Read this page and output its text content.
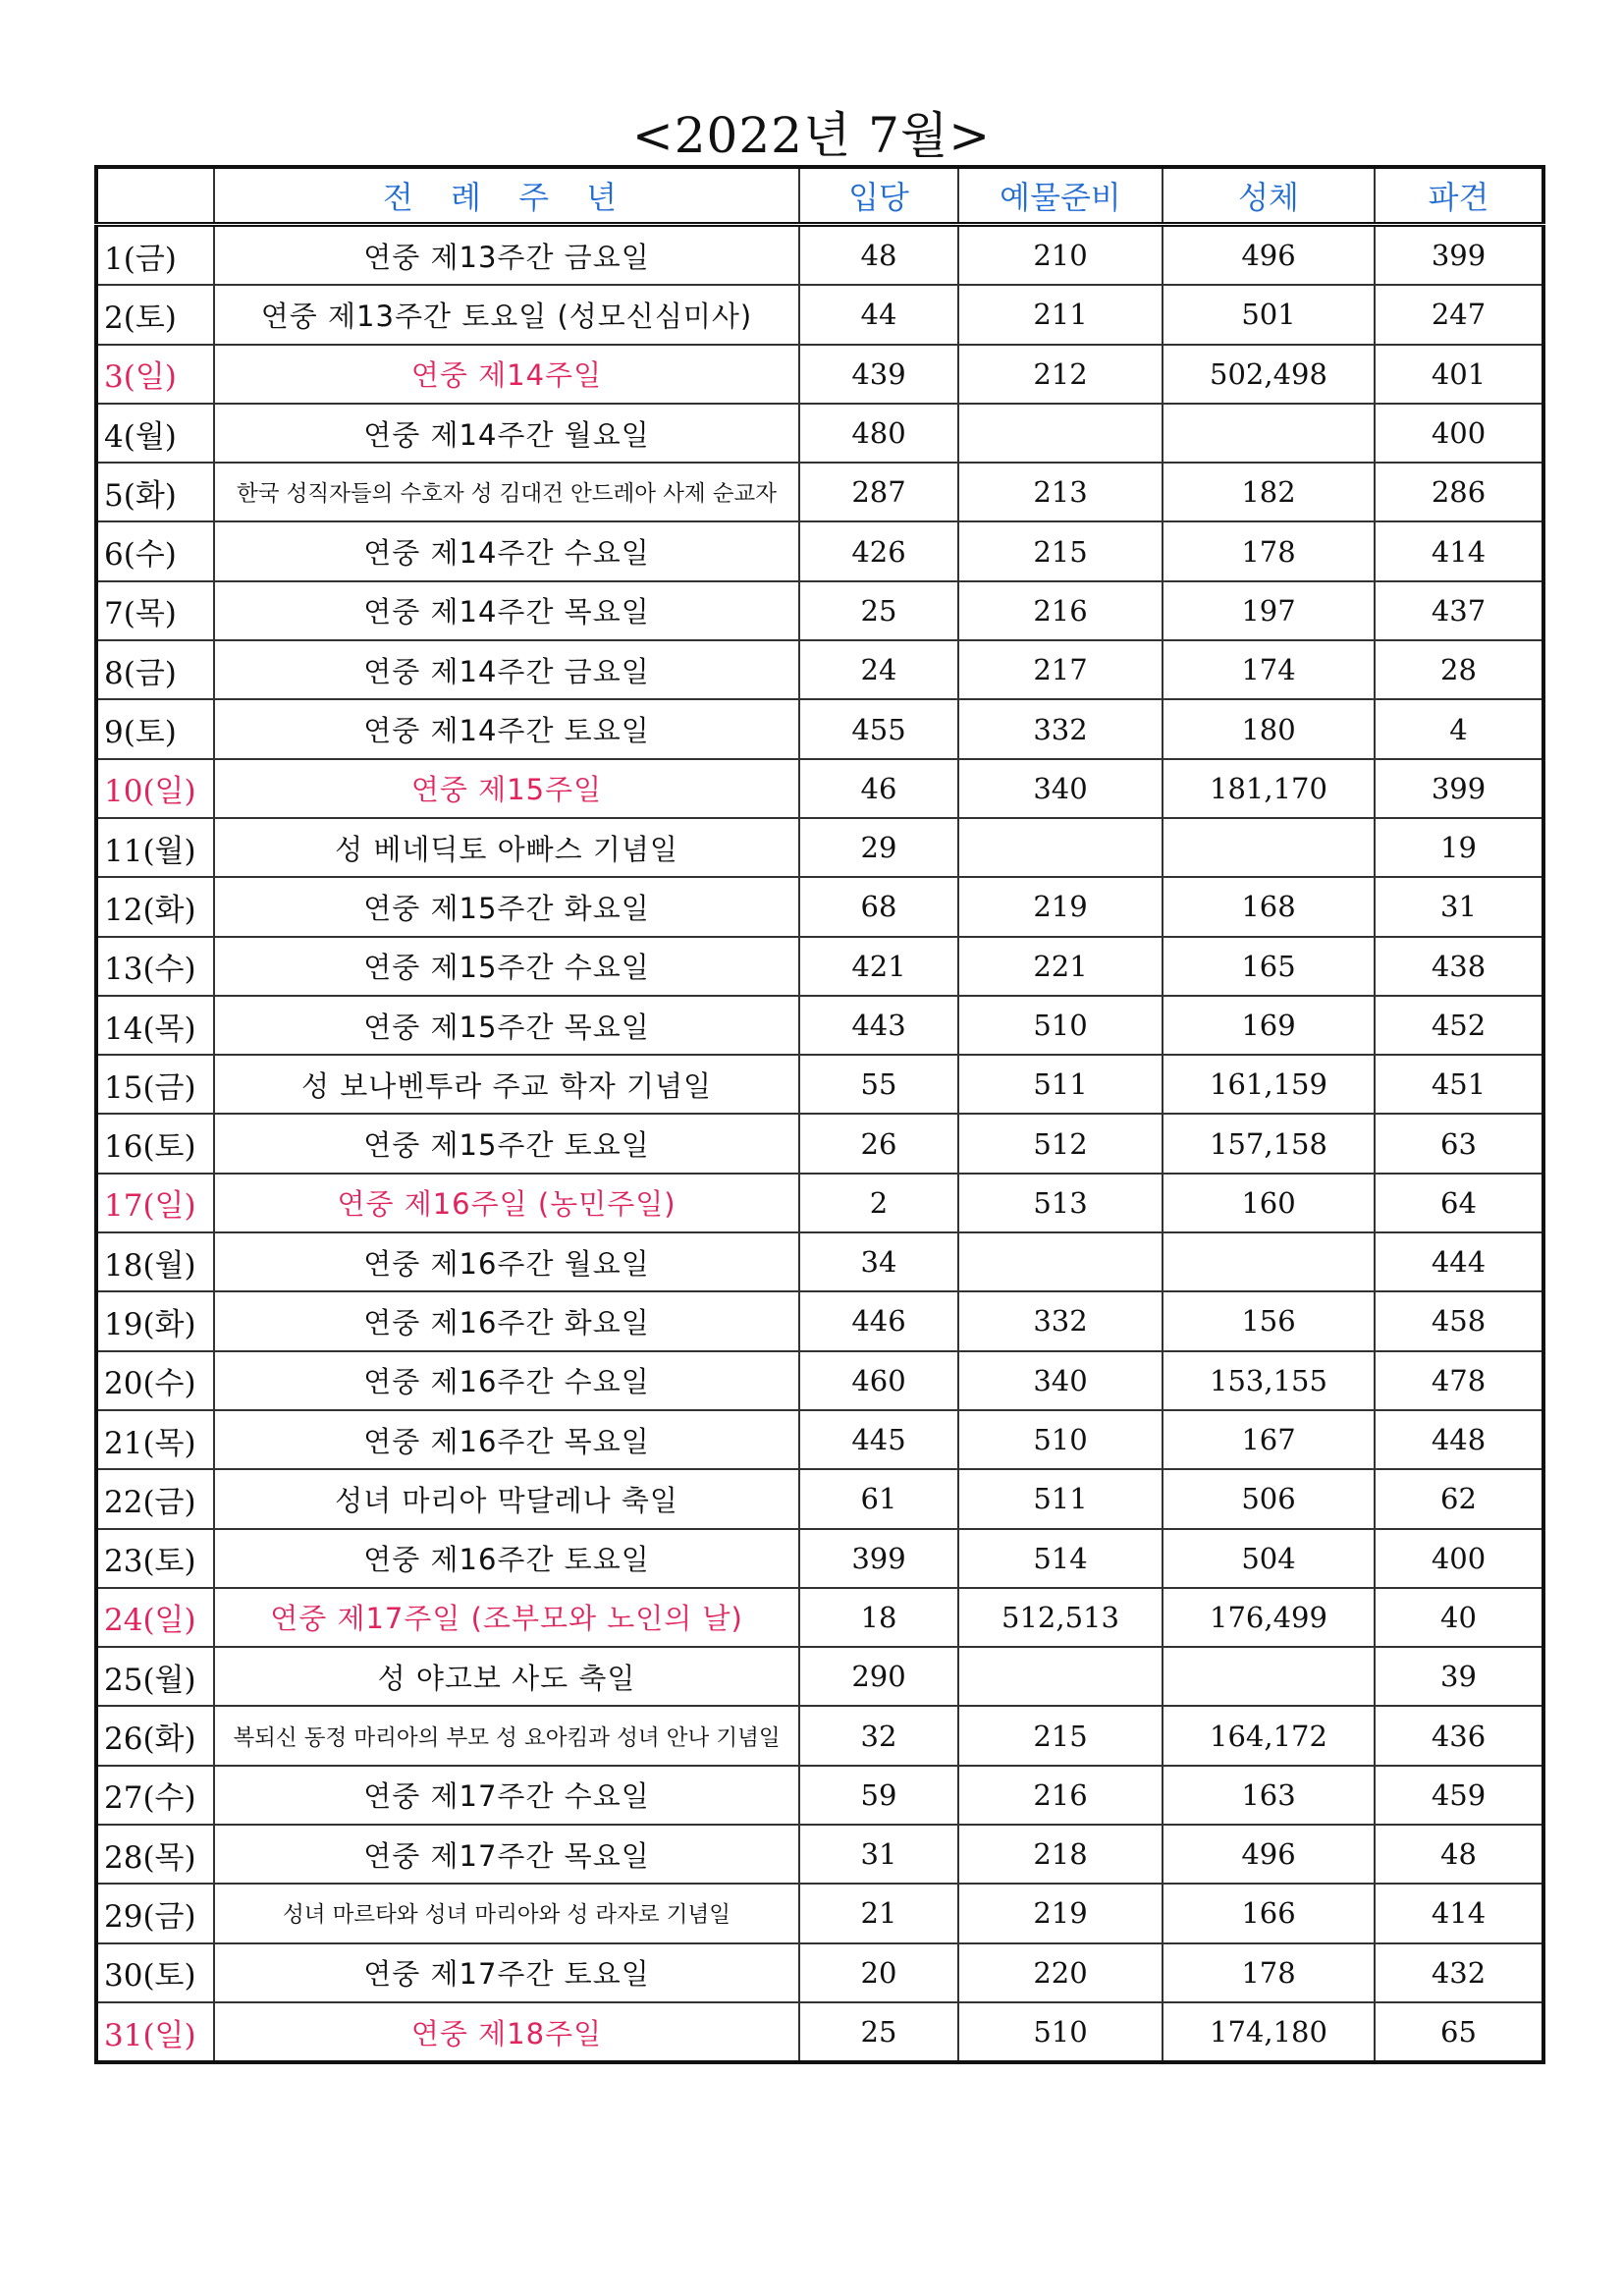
<2022년 7월>
	전 례 주 년	입당	예물준비	성체	파견
1(금)	연중 제13주간 금요일	48	210	496	399
2(토)	연중 제13주간 토요일 (성모신심미사)	44	211	501	247
3(일)	연중 제14주일	439	212	502,498	401
4(월)	연중 제14주간 월요일	480			400
5(화)	한국 성직자들의 수호자 성 김대건 안드레아 사제 순교자	287	213	182	286
6(수)	연중 제14주간 수요일	426	215	178	414
7(목)	연중 제14주간 목요일	25	216	197	437
8(금)	연중 제14주간 금요일	24	217	174	28
9(토)	연중 제14주간 토요일	455	332	180	4
10(일)	연중 제15주일	46	340	181,170	399
11(월)	성 베네딕토 아빠스 기념일	29			19
12(화)	연중 제15주간 화요일	68	219	168	31
13(수)	연중 제15주간 수요일	421	221	165	438
14(목)	연중 제15주간 목요일	443	510	169	452
15(금)	성 보나벤투라 주교 학자 기념일	55	511	161,159	451
16(토)	연중 제15주간 토요일	26	512	157,158	63
17(일)	연중 제16주일 (농민주일)	2	513	160	64
18(월)	연중 제16주간 월요일	34			444
19(화)	연중 제16주간 화요일	446	332	156	458
20(수)	연중 제16주간 수요일	460	340	153,155	478
21(목)	연중 제16주간 목요일	445	510	167	448
22(금)	성녀 마리아 막달레나 축일	61	511	506	62
23(토)	연중 제16주간 토요일	399	514	504	400
24(일)	연중 제17주일 (조부모와 노인의 날)	18	512,513	176,499	40
25(월)	성 야고보 사도 축일	290			39
26(화)	복되신 동정 마리아의 부모 성 요아킴과 성녀 안나 기념일	32	215	164,172	436
27(수)	연중 제17주간 수요일	59	216	163	459
28(목)	연중 제17주간 목요일	31	218	496	48
29(금)	성녀 마르타와 성녀 마리아와 성 라자로 기념일	21	219	166	414
30(토)	연중 제17주간 토요일	20	220	178	432
31(일)	연중 제18주일	25	510	174,180	65
